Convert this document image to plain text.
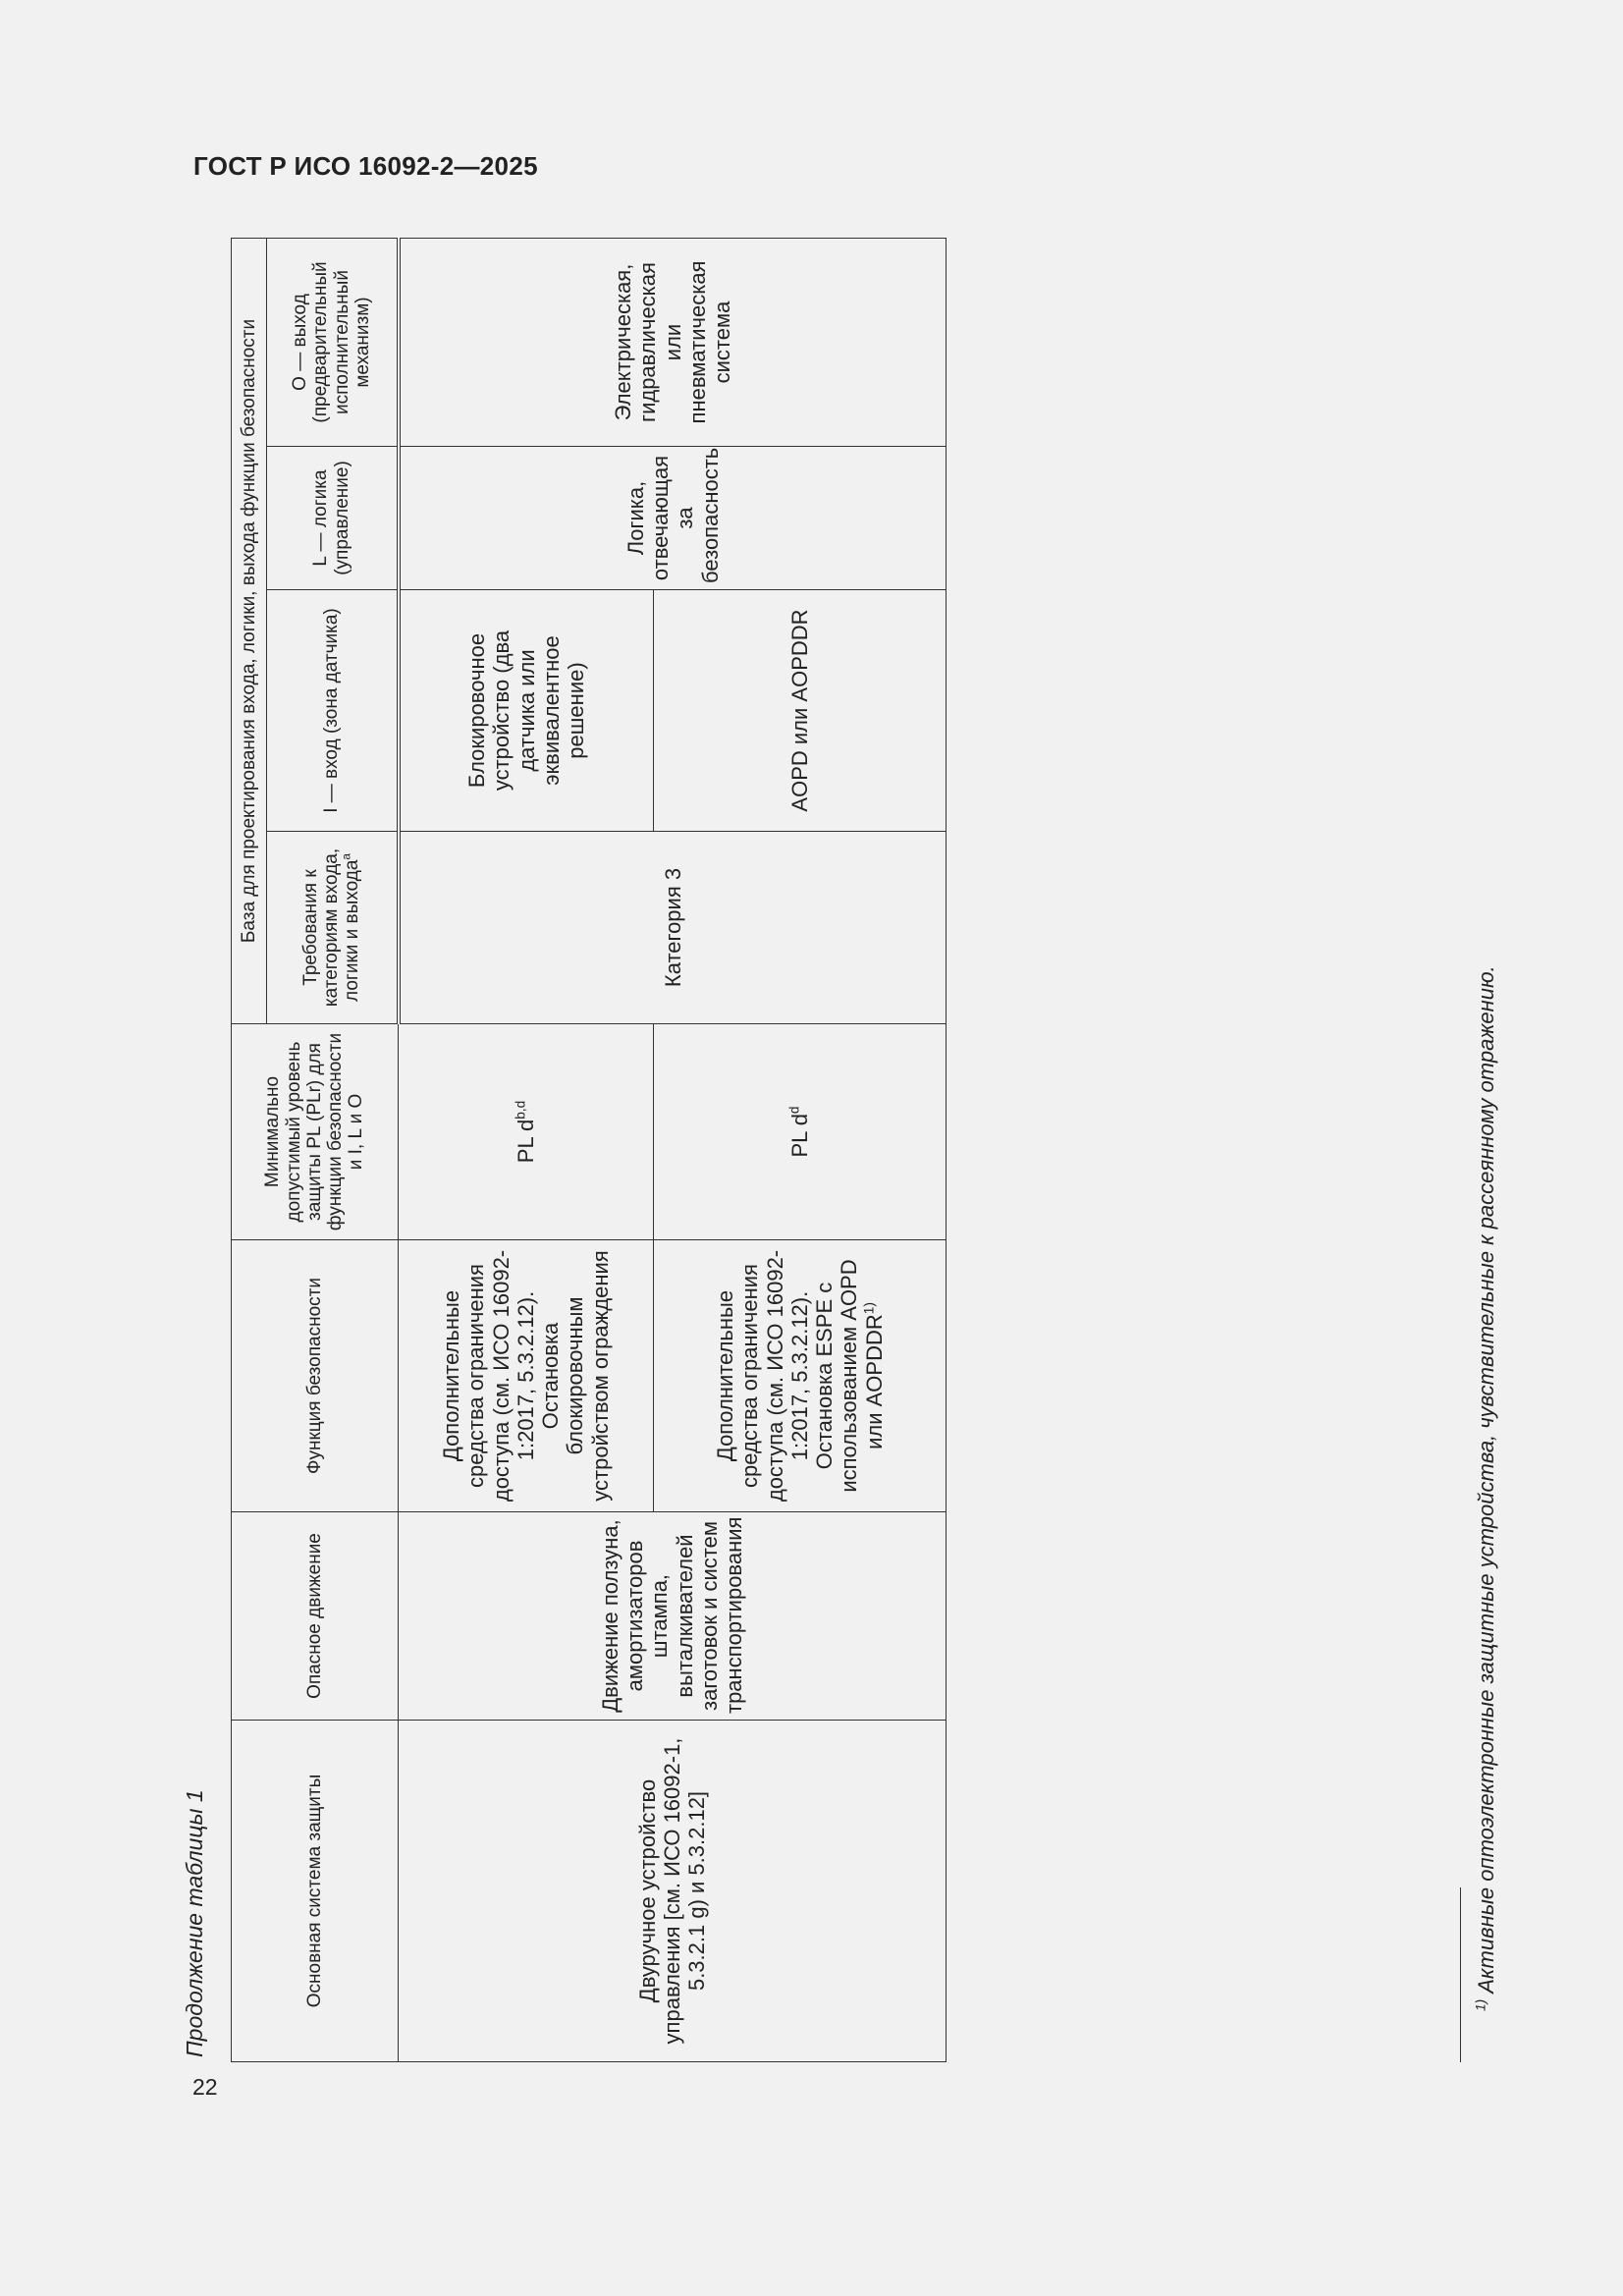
ГОСТ Р ИСО 16092-2—2025
Продолжение таблицы 1	Основная система защиты	Опасное движение	Функция безопасности	Минимально допустимый уровень защиты PL (PLr) для функции безопасности и I, L и O	База для проектирования входа, логики, выхода функции безопасности			
				Требования к категориям входа, логики и выхода$^a$	I — вход (зона датчика)	L — логика (управление)	O — выход (предварительный исполнительный механизм)
Двуручное устройство управления [см. ИСО 16092-1, 5.3.2.1 g) и 5.3.2.12]	Движение ползуна, амортизаторов штампа, выталкивателей заготовок и систем транспортирования	Дополнительные средства ограничения доступа (см. ИСО 16092-1:2017, 5.3.2.12). Остановка блокировочным устройством ограждения	PL $d^{b,d}$	Категория 3	Блокировочное устройство (два датчика или эквивалентное решение)	Логика, отвечающая за безопасность	Электрическая, гидравлическая или пневматическая система
		Дополнительные средства ограничения доступа (см. ИСО 16092-1:2017, 5.3.2.12). Остановка ESPE с использованием AOPD или AOPDDR$^{1)}$	PL $d^d$		AOPD или AOPDDR		
$^{1)}$ Активные оптоэлектронные защитные устройства, чувствительные к рассеянному отражению.
22
